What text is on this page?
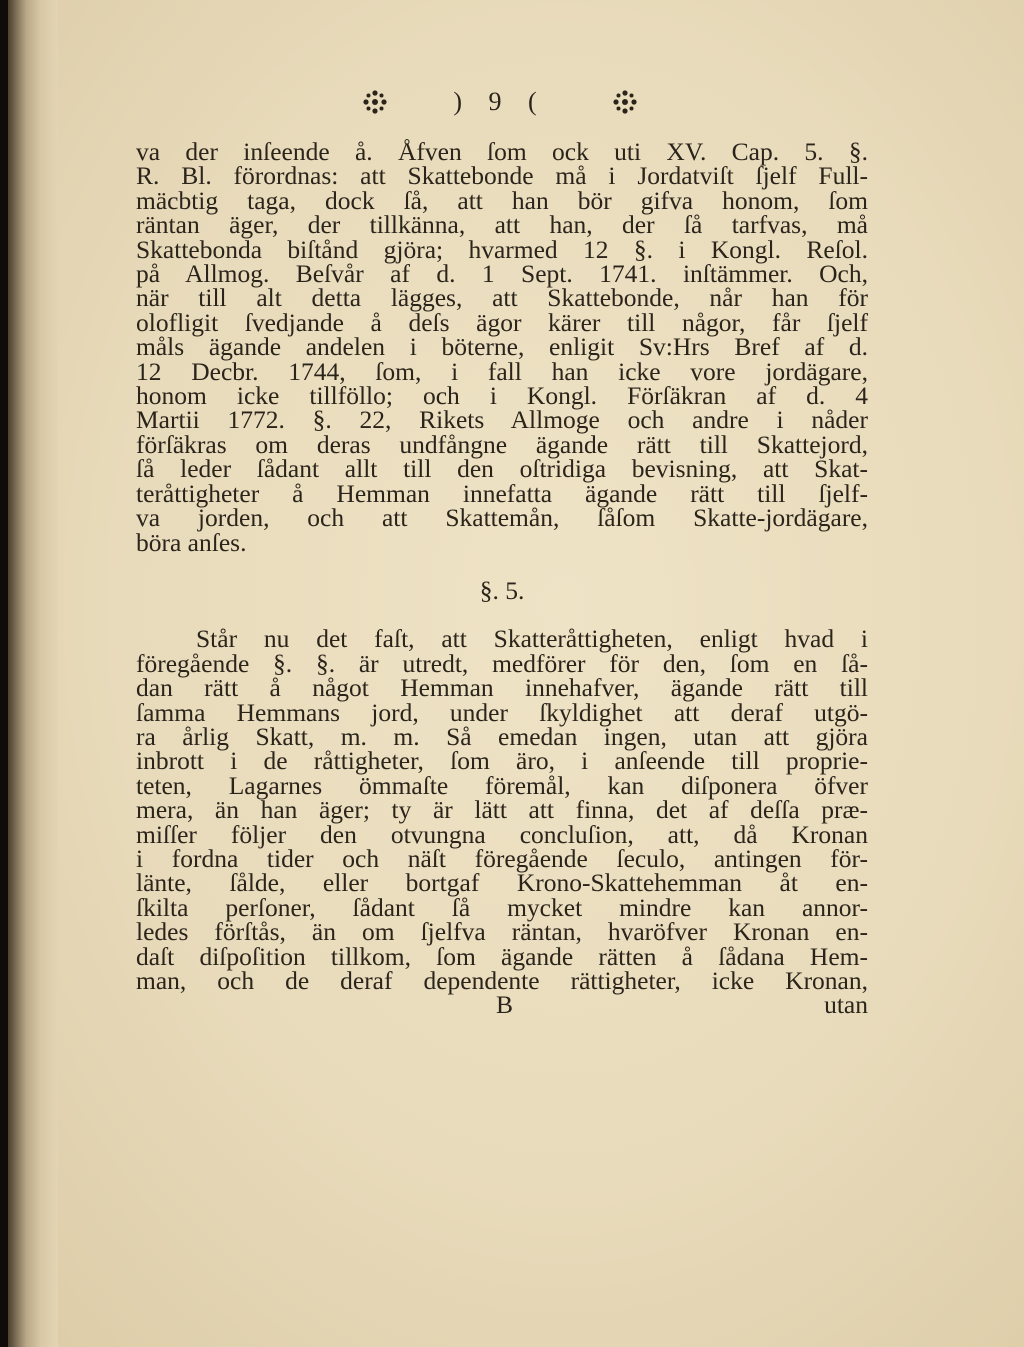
) 9 (
va der inſeende å. Åfven ſom ock uti XV. Cap. 5. §.
R. Bl. förordnas: att Skattebonde må i Jordatviſt ſjelf Full-
mäcbtig taga, dock ſå, att han bör gifva honom, ſom
räntan äger, der tillkänna, att han, der ſå tarfvas, må
Skattebonda biſtånd gjöra; hvarmed 12 §. i Kongl. Reſol.
på Allmog. Beſvår af d. 1 Sept. 1741. inſtämmer. Och,
när till alt detta lägges, att Skattebonde, når han för
olofligit ſvedjande å deſs ägor kärer till någor, får ſjelf
måls ägande andelen i böterne, enligit Sv:Hrs Bref af d.
12 Decbr. 1744, ſom, i fall han icke vore jordägare,
honom icke tillföllo; och i Kongl. Förſäkran af d. 4
Martii 1772. §. 22, Rikets Allmoge och andre i nåder
förſäkras om deras undfångne ägande rätt till Skattejord,
ſå leder ſådant allt till den oſtridiga bevisning, att Skat-
teråttigheter å Hemman innefatta ägande rätt till ſjelf-
va jorden, och att Skattemån, ſåſom Skatte-jordägare,
böra anſes.
§. 5.
Står nu det faſt, att Skatteråttigheten, enligt hvad i
föregående §. §. är utredt, medförer för den, ſom en ſå-
dan rätt å något Hemman innehafver, ägande rätt till
ſamma Hemmans jord, under ſkyldighet att deraf utgö-
ra årlig Skatt, m. m. Så emedan ingen, utan att gjöra
inbrott i de råttigheter, ſom äro, i anſeende till proprie-
teten, Lagarnes ömmaſte föremål, kan diſponera öfver
mera, än han äger; ty är lätt att finna, det af deſſa præ-
miſſer följer den otvungna concluſion, att, då Kronan
i fordna tider och näſt föregående ſeculo, antingen för-
länte, ſålde, eller bortgaf Krono-Skattehemman åt en-
ſkilta perſoner, ſådant ſå mycket mindre kan annor-
ledes förſtås, än om ſjelfva räntan, hvaröfver Kronan en-
daſt diſpoſition tillkom, ſom ägande rätten å ſådana Hem-
man, och de deraf dependente rättigheter, icke Kronan,
B	utan
